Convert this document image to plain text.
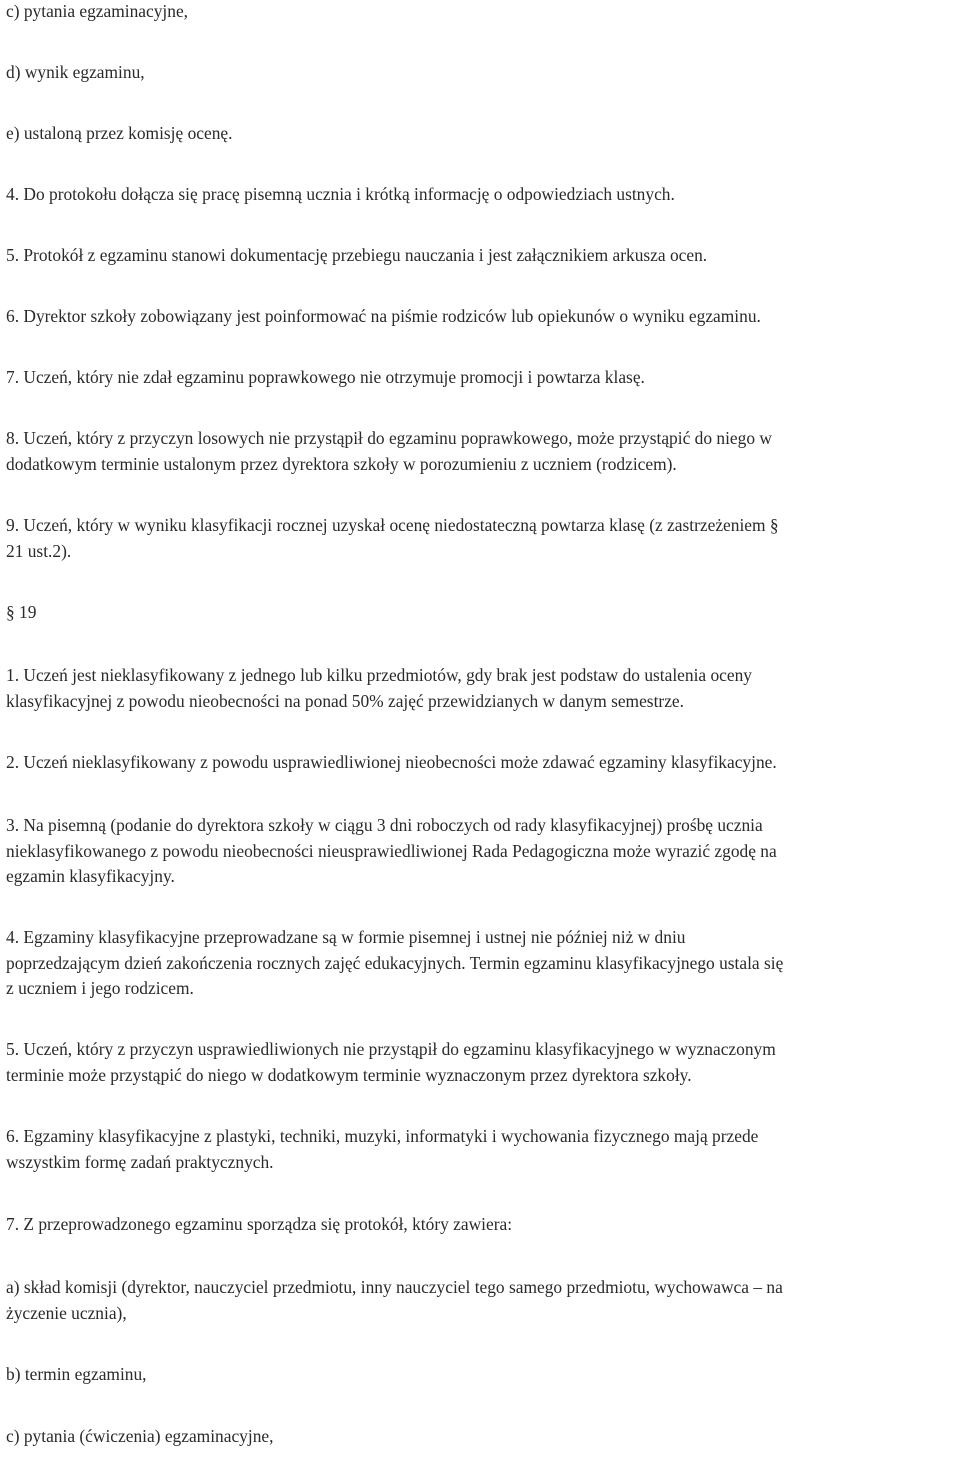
c) pytania egzaminacyjne,

d) wynik egzaminu,

e) ustaloną przez komisję ocenę.

4. Do protokołu dołącza się pracę pisemną ucznia i krótką informację o odpowiedziach ustnych.

5. Protokół z egzaminu stanowi dokumentację przebiegu nauczania i jest załącznikiem arkusza ocen.

6. Dyrektor szkoły zobowiązany jest poinformować na piśmie rodziców lub opiekunów o wyniku egzaminu.

7. Uczeń, który nie zdał egzaminu poprawkowego nie otrzymuje promocji i powtarza klasę.

8. Uczeń, który z przyczyn losowych nie przystąpił do egzaminu poprawkowego, może przystąpić do niego w
dodatkowym terminie ustalonym przez dyrektora szkoły w porozumieniu z uczniem (rodzicem).

9. Uczeń, który w wyniku klasyfikacji rocznej uzyskał ocenę niedostateczną powtarza klasę (z zastrzeżeniem §
21 ust.2).

§ 19

1. Uczeń jest nieklasyfikowany z jednego lub kilku przedmiotów, gdy brak jest podstaw do ustalenia oceny
klasyfikacyjnej z powodu nieobecności na ponad 50% zajęć przewidzianych w danym semestrze.

2. Uczeń nieklasyfikowany z powodu usprawiedliwionej nieobecności może zdawać egzaminy klasyfikacyjne.

3. Na pisemną (podanie do dyrektora szkoły w ciągu 3 dni roboczych od rady klasyfikacyjnej) prośbę ucznia
nieklasyfikowanego z powodu nieobecności nieusprawiedliwionej Rada Pedagogiczna może wyrazić zgodę na
egzamin klasyfikacyjny.

4. Egzaminy klasyfikacyjne przeprowadzane są w formie pisemnej i ustnej nie później niż w dniu
poprzedzającym dzień zakończenia rocznych zajęć edukacyjnych. Termin egzaminu klasyfikacyjnego ustala się
z uczniem i jego rodzicem.

5. Uczeń, który z przyczyn usprawiedliwionych nie przystąpił do egzaminu klasyfikacyjnego w wyznaczonym
terminie może przystąpić do niego w dodatkowym terminie wyznaczonym przez dyrektora szkoły.

6. Egzaminy klasyfikacyjne z plastyki, techniki, muzyki, informatyki i wychowania fizycznego mają przede
wszystkim formę zadań praktycznych.

7. Z przeprowadzonego egzaminu sporządza się protokół, który zawiera:

a) skład komisji (dyrektor, nauczyciel przedmiotu, inny nauczyciel tego samego przedmiotu, wychowawca – na
życzenie ucznia),

b) termin egzaminu,

c) pytania (ćwiczenia) egzaminacyjne,
